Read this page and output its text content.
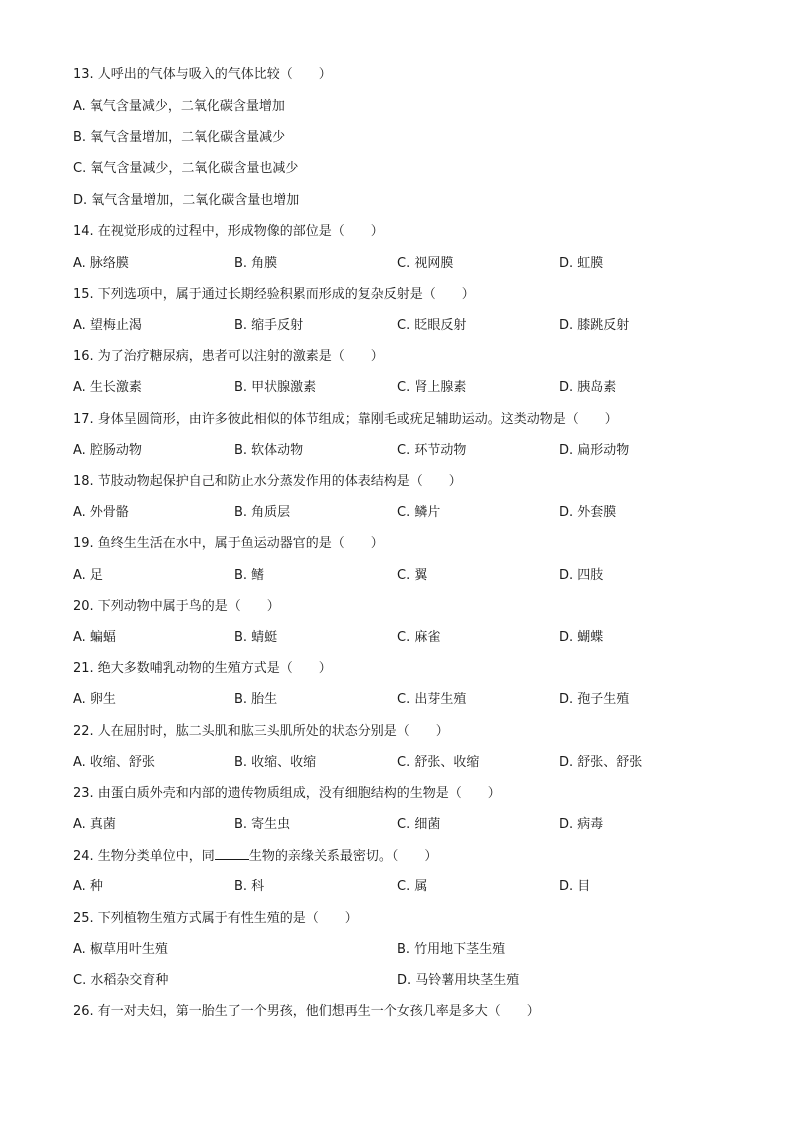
13. 人呼出的气体与吸入的气体比较（　　）
A. 氧气含量减少，二氧化碳含量增加
B. 氧气含量增加，二氧化碳含量减少
C. 氧气含量减少，二氧化碳含量也减少
D. 氧气含量增加，二氧化碳含量也增加
14. 在视觉形成的过程中，形成物像的部位是（　　）
A. 脉络膜	B. 角膜	C. 视网膜	D. 虹膜
15. 下列选项中，属于通过长期经验积累而形成的复杂反射是（　　）
A. 望梅止渴	B. 缩手反射	C. 眨眼反射	D. 膝跳反射
16. 为了治疗糖尿病，患者可以注射的激素是（　　）
A. 生长激素	B. 甲状腺激素	C. 肾上腺素	D. 胰岛素
17. 身体呈圆筒形，由许多彼此相似的体节组成；靠刚毛或疣足辅助运动。这类动物是（　　）
A. 腔肠动物	B. 软体动物	C. 环节动物	D. 扁形动物
18. 节肢动物起保护自己和防止水分蒸发作用的体表结构是（　　）
A. 外骨骼	B. 角质层	C. 鳞片	D. 外套膜
19. 鱼终生生活在水中，属于鱼运动器官的是（　　）
A. 足	B. 鳍	C. 翼	D. 四肢
20. 下列动物中属于鸟的是（　　）
A. 蝙蝠	B. 蜻蜓	C. 麻雀	D. 蝴蝶
21. 绝大多数哺乳动物的生殖方式是（　　）
A. 卵生	B. 胎生	C. 出芽生殖	D. 孢子生殖
22. 人在屈肘时，肱二头肌和肱三头肌所处的状态分别是（　　）
A. 收缩、舒张	B. 收缩、收缩	C. 舒张、收缩	D. 舒张、舒张
23. 由蛋白质外壳和内部的遗传物质组成，没有细胞结构的生物是（　　）
A. 真菌	B. 寄生虫	C. 细菌	D. 病毒
24. 生物分类单位中，同	生物的亲缘关系最密切。（　　）
A. 种	B. 科	C. 属	D. 目
25. 下列植物生殖方式属于有性生殖的是（　　）
A. 椒草用叶生殖	B. 竹用地下茎生殖
C. 水稻杂交育种	D. 马铃薯用块茎生殖
26. 有一对夫妇，第一胎生了一个男孩，他们想再生一个女孩几率是多大（　　）
